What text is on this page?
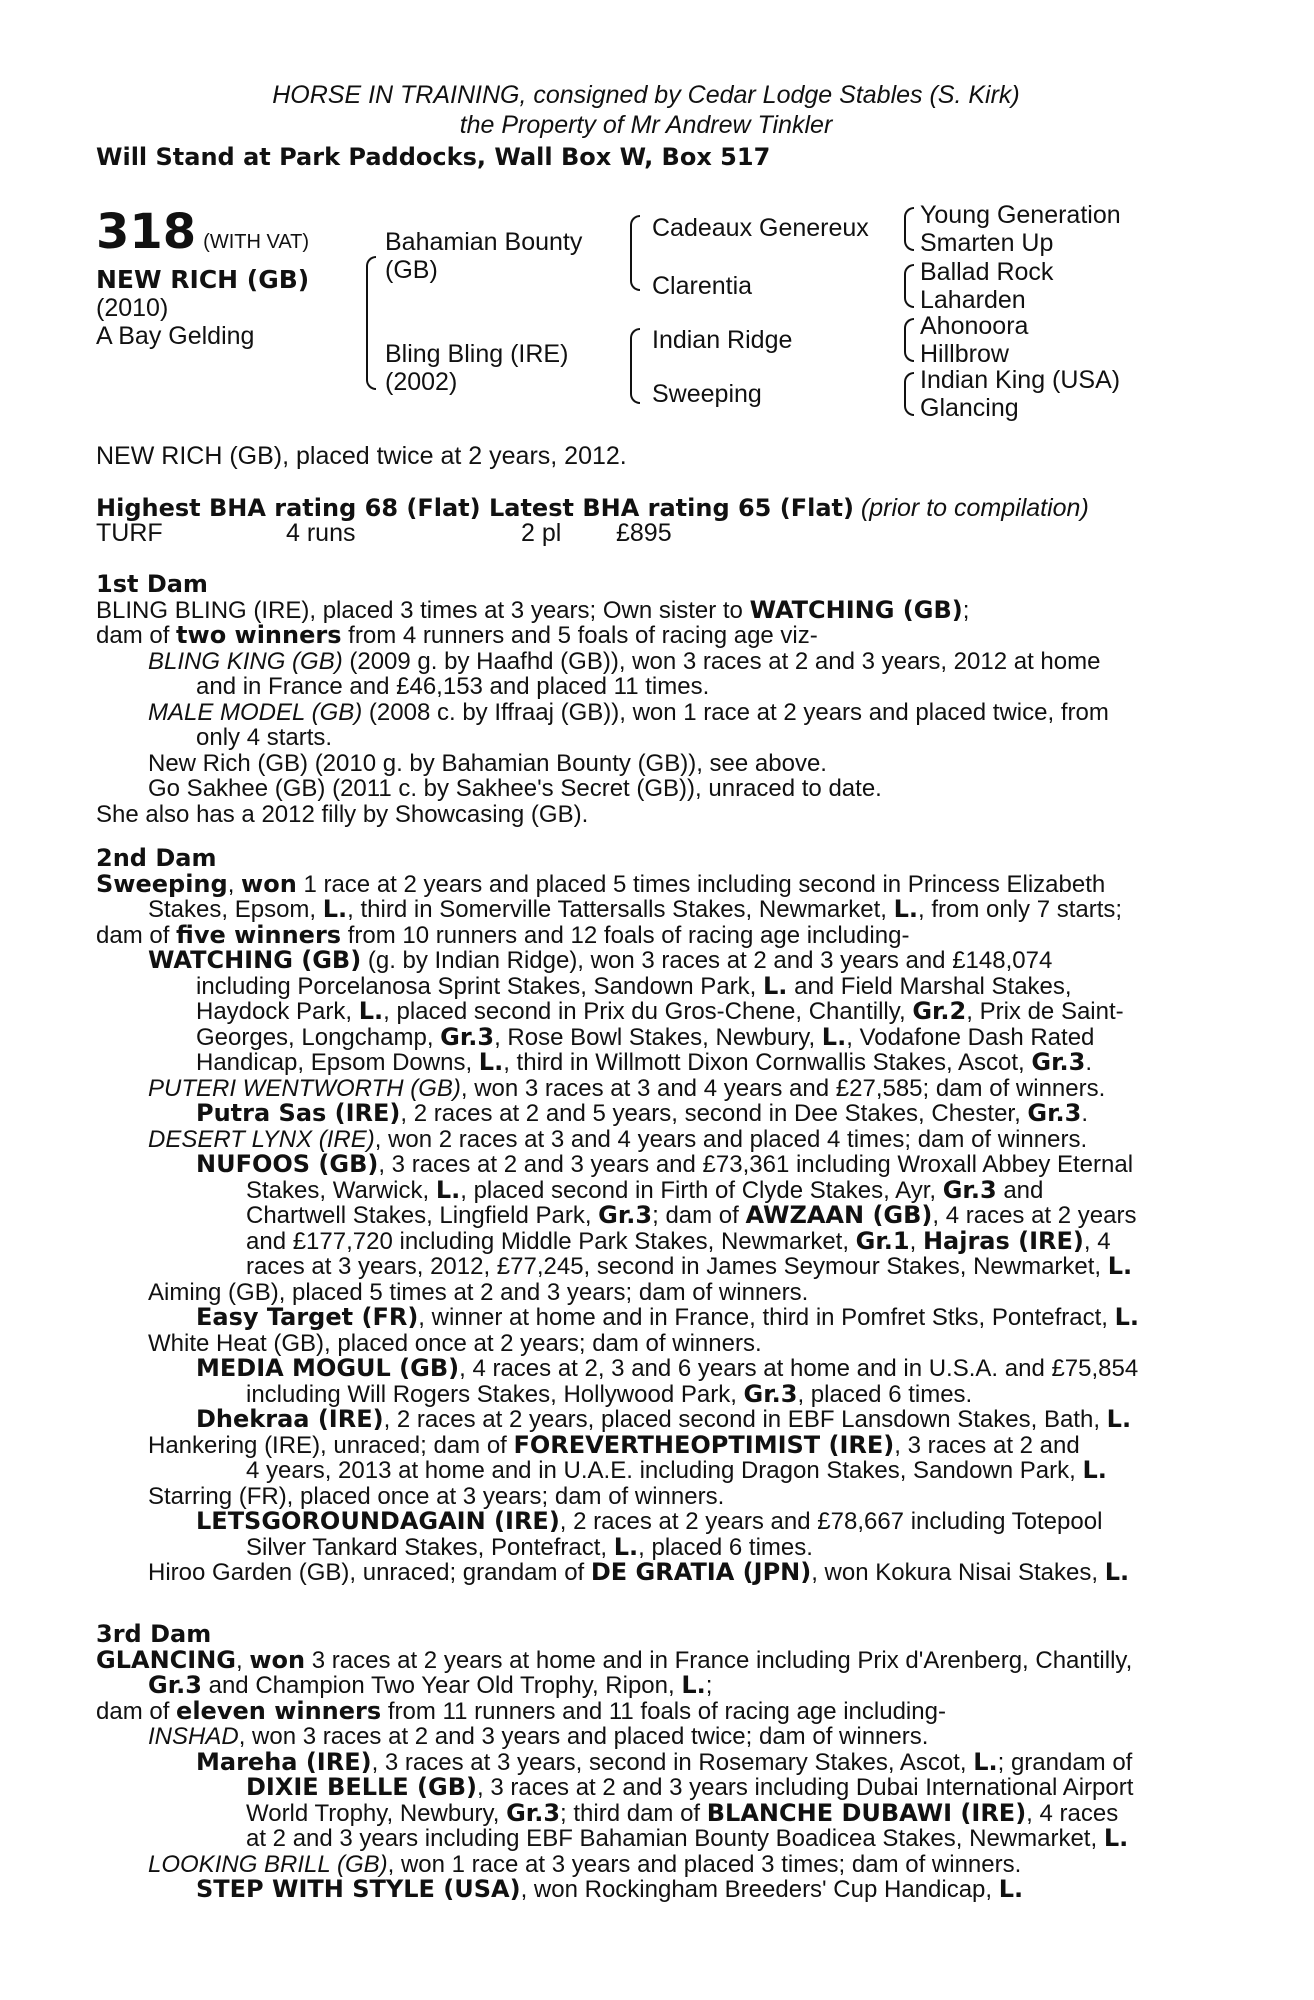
HORSE IN TRAINING, consigned by Cedar Lodge Stables (S. Kirk)
the Property of Mr Andrew Tinkler
Will Stand at Park Paddocks, Wall Box W, Box 517
318 (WITH VAT)
NEW RICH (GB)
(2010)
A Bay Gelding
Bahamian Bounty
(GB)
Bling Bling (IRE)
(2002)
Cadeaux Genereux
Clarentia
Indian Ridge
Sweeping
Young Generation
Smarten Up
Ballad Rock
Laharden
Ahonoora
Hillbrow
Indian King (USA)
Glancing
NEW RICH (GB), placed twice at 2 years, 2012.
Highest BHA rating 68 (Flat) Latest BHA rating 65 (Flat) (prior to compilation)
TURF	4 runs	2 pl £895

1st Dam

BLING BLING (IRE), placed 3 times at 3 years; Own sister to WATCHING (GB);

dam of two winners from 4 runners and 5 foals of racing age viz-

BLING KING (GB) (2009 g. by Haafhd (GB)), won 3 races at 2 and 3 years, 2012 at home

and in France and £46,153 and placed 11 times.

MALE MODEL (GB) (2008 c. by Iffraaj (GB)), won 1 race at 2 years and placed twice, from

only 4 starts.

New Rich (GB) (2010 g. by Bahamian Bounty (GB)), see above.

Go Sakhee (GB) (2011 c. by Sakhee's Secret (GB)), unraced to date.

She also has a 2012 filly by Showcasing (GB).

2nd Dam

Sweeping, won 1 race at 2 years and placed 5 times including second in Princess Elizabeth

Stakes, Epsom, L., third in Somerville Tattersalls Stakes, Newmarket, L., from only 7 starts;

dam of five winners from 10 runners and 12 foals of racing age including-

WATCHING (GB) (g. by Indian Ridge), won 3 races at 2 and 3 years and £148,074

including Porcelanosa Sprint Stakes, Sandown Park, L. and Field Marshal Stakes,

Haydock Park, L., placed second in Prix du Gros-Chene, Chantilly, Gr.2, Prix de Saint-

Georges, Longchamp, Gr.3, Rose Bowl Stakes, Newbury, L., Vodafone Dash Rated

Handicap, Epsom Downs, L., third in Willmott Dixon Cornwallis Stakes, Ascot, Gr.3.

PUTERI WENTWORTH (GB), won 3 races at 3 and 4 years and £27,585; dam of winners.

Putra Sas (IRE), 2 races at 2 and 5 years, second in Dee Stakes, Chester, Gr.3.

DESERT LYNX (IRE), won 2 races at 3 and 4 years and placed 4 times; dam of winners.

NUFOOS (GB), 3 races at 2 and 3 years and £73,361 including Wroxall Abbey Eternal

Stakes, Warwick, L., placed second in Firth of Clyde Stakes, Ayr, Gr.3 and

Chartwell Stakes, Lingfield Park, Gr.3; dam of AWZAAN (GB), 4 races at 2 years

and £177,720 including Middle Park Stakes, Newmarket, Gr.1, Hajras (IRE), 4

races at 3 years, 2012, £77,245, second in James Seymour Stakes, Newmarket, L.

Aiming (GB), placed 5 times at 2 and 3 years; dam of winners.

Easy Target (FR), winner at home and in France, third in Pomfret Stks, Pontefract, L.

White Heat (GB), placed once at 2 years; dam of winners.

MEDIA MOGUL (GB), 4 races at 2, 3 and 6 years at home and in U.S.A. and £75,854

including Will Rogers Stakes, Hollywood Park, Gr.3, placed 6 times.

Dhekraa (IRE), 2 races at 2 years, placed second in EBF Lansdown Stakes, Bath, L.

Hankering (IRE), unraced; dam of FOREVERTHEOPTIMIST (IRE), 3 races at 2 and

4 years, 2013 at home and in U.A.E. including Dragon Stakes, Sandown Park, L.

Starring (FR), placed once at 3 years; dam of winners.

LETSGOROUNDAGAIN (IRE), 2 races at 2 years and £78,667 including Totepool

Silver Tankard Stakes, Pontefract, L., placed 6 times.

Hiroo Garden (GB), unraced; grandam of DE GRATIA (JPN), won Kokura Nisai Stakes, L.

3rd Dam

GLANCING, won 3 races at 2 years at home and in France including Prix d'Arenberg, Chantilly,

Gr.3 and Champion Two Year Old Trophy, Ripon, L.;

dam of eleven winners from 11 runners and 11 foals of racing age including-

INSHAD, won 3 races at 2 and 3 years and placed twice; dam of winners.

Mareha (IRE), 3 races at 3 years, second in Rosemary Stakes, Ascot, L.; grandam of

DIXIE BELLE (GB), 3 races at 2 and 3 years including Dubai International Airport

World Trophy, Newbury, Gr.3; third dam of BLANCHE DUBAWI (IRE), 4 races

at 2 and 3 years including EBF Bahamian Bounty Boadicea Stakes, Newmarket, L.

LOOKING BRILL (GB), won 1 race at 3 years and placed 3 times; dam of winners.

STEP WITH STYLE (USA), won Rockingham Breeders' Cup Handicap, L.
